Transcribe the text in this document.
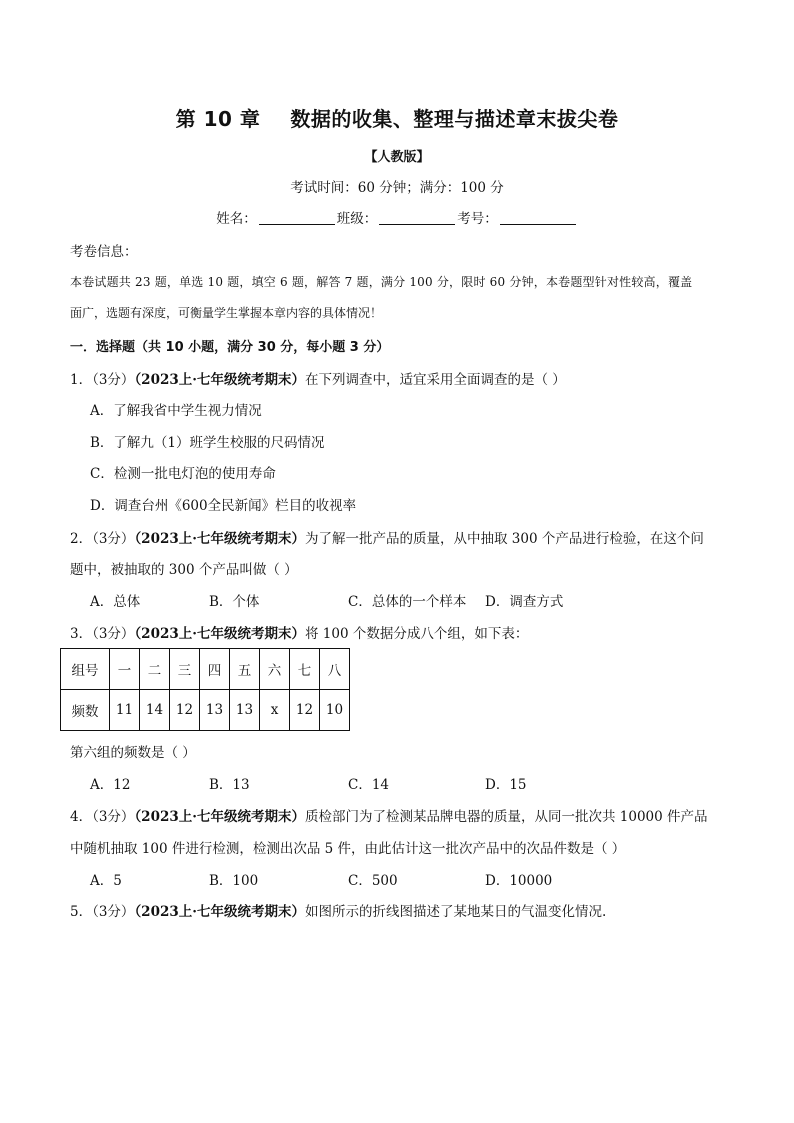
第 10 章 数据的收集、整理与描述章末拔尖卷
【人教版】
考试时间：60 分钟；满分：100 分
姓名：	班级：	考号：
考卷信息：
本卷试题共 23 题，单选 10 题，填空 6 题，解答 7 题，满分 100 分，限时 60 分钟，本卷题型针对性较高，覆盖
面广，选题有深度，可衡量学生掌握本章内容的具体情况！
一．选择题（共 10 小题，满分 30 分，每小题 3 分）
1．（3分）（2023上·七年级统考期末）在下列调查中，适宜采用全面调查的是（ ）
A．了解我省中学生视力情况
B．了解九（1）班学生校服的尺码情况
C．检测一批电灯泡的使用寿命
D．调查台州《600全民新闻》栏目的收视率
2．（3分）（2023上·七年级统考期末）为了解一批产品的质量，从中抽取 300 个产品进行检验，在这个问
题中，被抽取的 300 个产品叫做（ ）
A．总体	B．个体	C．总体的一个样本 D．调查方式
3．（3分）（2023上·七年级统考期末）将 100 个数据分成八个组，如下表：
组号	一	二	三	四	五	六	七	八
频数	11	14	12	13	13	x	12	10
第六组的频数是（ ）
A．12	B．13	C．14	D．15
4．（3分）（2023上·七年级统考期末）质检部门为了检测某品牌电器的质量，从同一批次共 10000 件产品
中随机抽取 100 件进行检测，检测出次品 5 件，由此估计这一批次产品中的次品件数是（ ）
A．5	B．100	C．500	D．10000
5．（3分）（2023上·七年级统考期末）如图所示的折线图描述了某地某日的气温变化情况.
